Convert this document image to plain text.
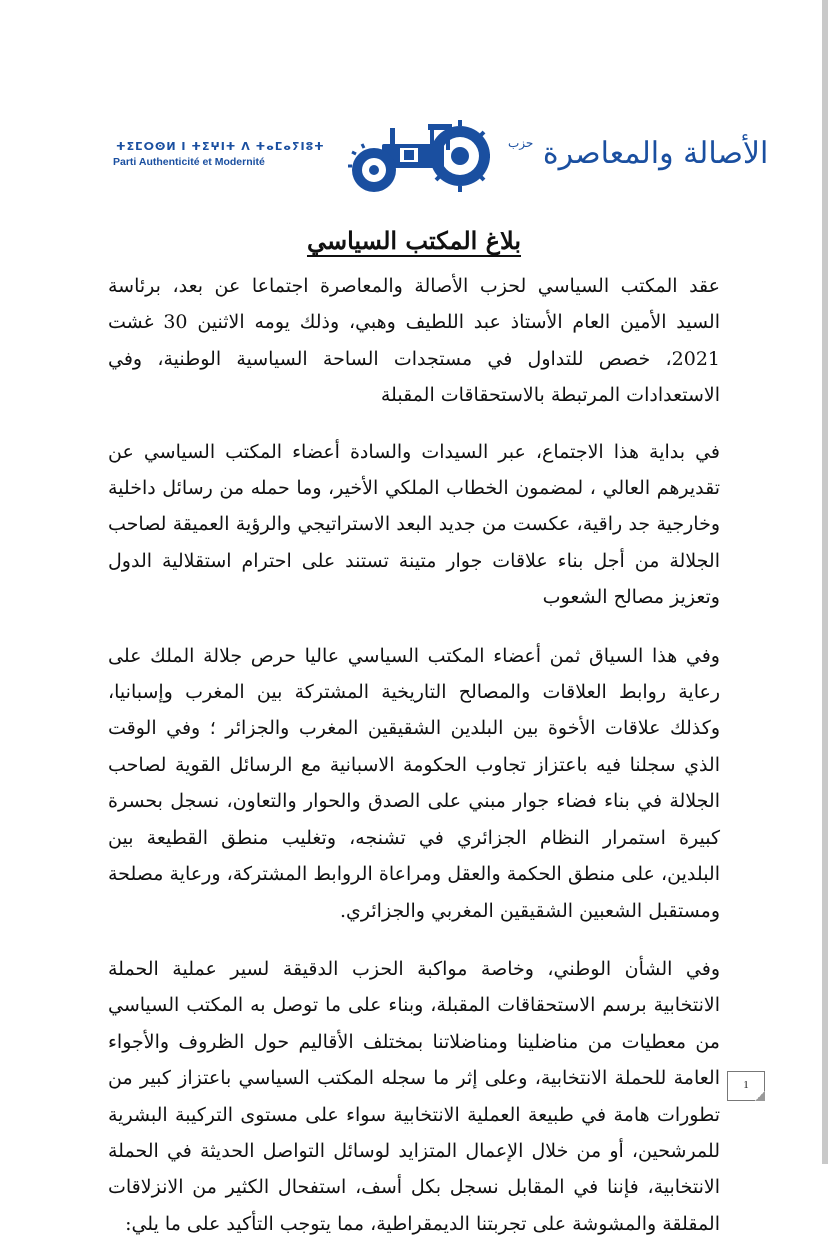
ⵜⵉⵎⵔⵙⵍ ⵏ ⵜⵉⵖⵏⵜ ⴷ ⵜⴰⵎⴰⵢⵏⵓⵜ
Parti Authenticité et Modernité	الأصالة والمعاصرة $^{حزب}$
بلاغ المكتب السياسي

عقد المكتب السياسي لحزب الأصالة والمعاصرة اجتماعا عن بعد، برئاسة السيد الأمين العام الأستاذ عبد اللطيف وهبي، وذلك يومه الاثنين 30 غشت 2021، خصص للتداول في مستجدات الساحة السياسية الوطنية، وفي الاستعدادات المرتبطة بالاستحقاقات المقبلة

في بداية هذا الاجتماع، عبر السيدات والسادة أعضاء المكتب السياسي عن تقديرهم العالي ، لمضمون الخطاب الملكي الأخير، وما حمله من رسائل داخلية وخارجية جد راقية، عكست من جديد البعد الاستراتيجي والرؤية العميقة لصاحب الجلالة من أجل بناء علاقات جوار متينة تستند على احترام استقلالية الدول وتعزيز مصالح الشعوب

وفي هذا السياق ثمن أعضاء المكتب السياسي عاليا حرص جلالة الملك على رعاية روابط العلاقات والمصالح التاريخية المشتركة بين المغرب وإسبانيا، وكذلك علاقات الأخوة بين البلدين الشقيقين المغرب والجزائر ؛ وفي الوقت الذي سجلنا فيه باعتزاز تجاوب الحكومة الاسبانية مع الرسائل القوية لصاحب الجلالة في بناء فضاء جوار مبني على الصدق والحوار والتعاون، نسجل بحسرة كبيرة استمرار النظام الجزائري في تشنجه، وتغليب منطق القطيعة بين البلدين، على منطق الحكمة والعقل ومراعاة الروابط المشتركة، ورعاية مصلحة ومستقبل الشعبين الشقيقين المغربي والجزائري.

وفي الشأن الوطني، وخاصة مواكبة الحزب الدقيقة لسير عملية الحملة الانتخابية برسم الاستحقاقات المقبلة، وبناء على ما توصل به المكتب السياسي من معطيات من مناضلينا ومناضلاتنا بمختلف الأقاليم حول الظروف والأجواء العامة للحملة الانتخابية، وعلى إثر ما سجله المكتب السياسي باعتزاز كبير من تطورات هامة في طبيعة العملية الانتخابية سواء على مستوى التركيبة البشرية للمرشحين، أو من خلال الإعمال المتزايد لوسائل التواصل الحديثة في الحملة الانتخابية، فإننا في المقابل نسجل بكل أسف، استفحال الكثير من الانزلاقات المقلقة والمشوشة على تجربتنا الديمقراطية، مما يتوجب التأكيد على ما يلي:

1
